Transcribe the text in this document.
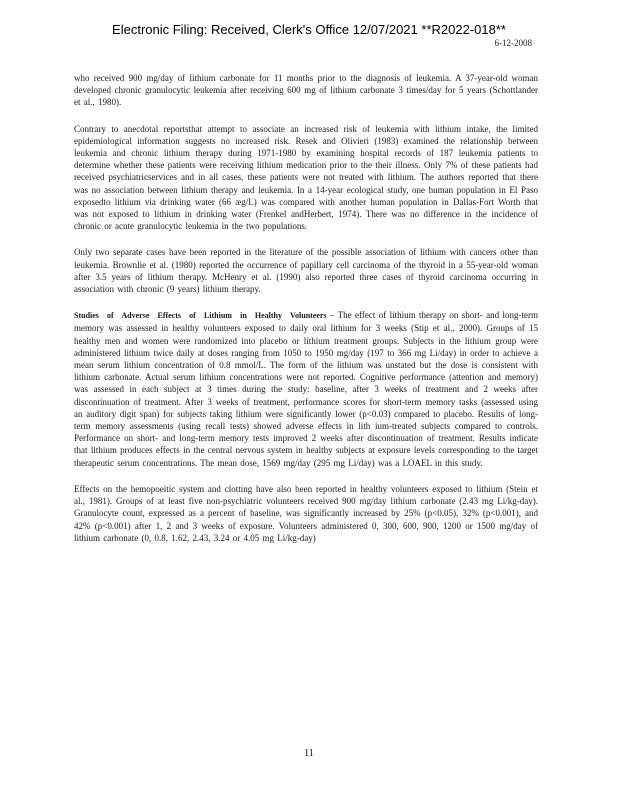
Electronic Filing: Received, Clerk's Office 12/07/2021 **R2022-018**
6-12-2008

who received 900 mg/day of lithium carbonate for 11 months prior to the diagnosis of leukemia. A 37-year-old woman developed chronic granulocytic leukemia after receiving 600 mg of lithium carbonate 3 times/day for 5 years (Schottlander et al., 1980).

Contrary to anecdotal reportsthat attempt to associate an increased risk of leukemia with lithium intake, the limited epidemiological information suggests no increased risk. Resek and Olivieri (1983) examined the relationship between leukemia and chronic lithium therapy during 1971-1980 by examining hospital records of 187 leukemia patients to determine whether these patients were receiving lithium medication prior to the their illness. Only 7% of these patients had received psychiatricservices and in all cases, these patients were not treated with lithium. The authors reported that there was no association between lithium therapy and leukemia. In a 14-year ecological study, one human population in El Paso exposedto lithium via drinking water (66 æg/L) was compared with another human population in Dallas-Fort Worth that was not exposed to lithium in drinking water (Frenkel andHerbert, 1974). There was no difference in the incidence of chronic or acute granulocytic leukemia in the two populations.

Only two separate cases have been reported in the literature of the possible association of lithium with cancers other than leukemia. Brownlie et al. (1980) reported the occurrence of papillary cell carcinoma of the thyroid in a 55-year-old woman after 3.5 years of lithium therapy. McHenry et al. (1990) also reported three cases of thyroid carcinoma occurring in association with chronic (9 years) lithium therapy.

Studies of Adverse Effects of Lithium in Healthy Volunteers – The effect of lithium therapy on short- and long-term memory was assessed in healthy volunteers exposed to daily oral lithium for 3 weeks (Stip et al., 2000). Groups of 15 healthy men and women were randomized into placebo or lithium treatment groups. Subjects in the lithium group were administered lithium twice daily at doses ranging from 1050 to 1950 mg/day (197 to 366 mg Li/day) in order to achieve a mean serum lithium concentration of 0.8 mmol/L. The form of the lithium was unstated but the dose is consistent with lithium carbonate. Actual serum lithium concentrations were not reported. Cognitive performance (attention and memory) was assessed in each subject at 3 times during the study: baseline, after 3 weeks of treatment and 2 weeks after discontinuation of treatment. After 3 weeks of treatment, performance scores for short-term memory tasks (assessed using an auditory digit span) for subjects taking lithium were significantly lower (p<0.03) compared to placebo. Results of long-term memory assessments (using recall tests) showed adverse effects in lith ium-treated subjects compared to controls. Performance on short- and long-term memory tests improved 2 weeks after discontinuation of treatment. Results indicate that lithium produces effects in the central nervous system in healthy subjects at exposure levels corresponding to the target therapeutic serum concentrations. The mean dose, 1569 mg/day (295 mg Li/day) was a LOAEL in this study.

Effects on the hemopoeitic system and clotting have also been reported in healthy volunteers exposed to lithium (Stein et al., 1981). Groups of at least five non-psychiatric volunteers received 900 mg/day lithium carbonate (2.43 mg Li/kg-day). Granulocyte count, expressed as a percent of baseline, was significantly increased by 25% (p<0.05), 32% (p<0.001), and 42% (p<0.001) after 1, 2 and 3 weeks of exposure. Volunteers administered 0, 300, 600, 900, 1200 or 1500 mg/day of lithium carbonate (0, 0.8, 1.62, 2.43, 3.24 or 4.05 mg Li/kg-day)

11
